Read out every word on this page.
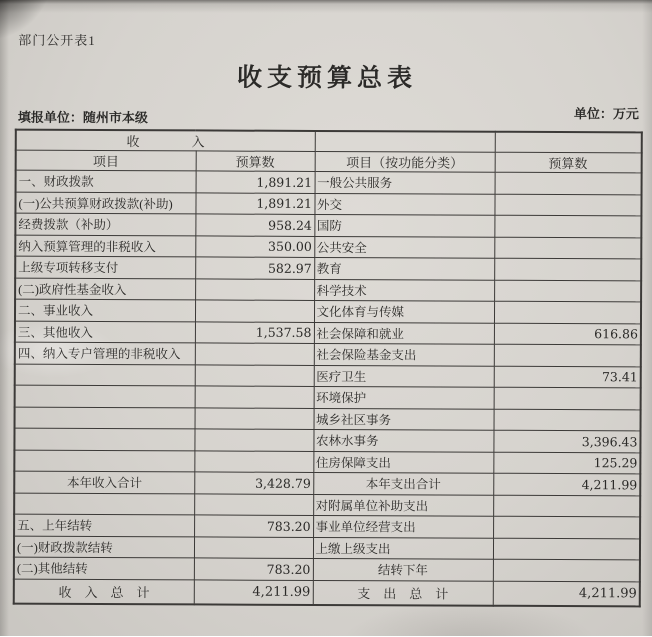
部门公开表1
收支预算总表
填报单位：随州市本级	单位：万元
收　　　　入			
项目	预算数	项目（按功能分类）	预算数
一、财政拨款	1,891.21	一般公共服务	
(一)公共预算财政拨款(补助)	1,891.21	外交	
经费拨款（补助）	958.24	国防	
纳入预算管理的非税收入	350.00	公共安全	
上级专项转移支付	582.97	教育	
(二)政府性基金收入		科学技术	
二、事业收入		文化体育与传媒	
三、其他收入	1,537.58	社会保障和就业	616.86
四、纳入专户管理的非税收入		社会保险基金支出	
		医疗卫生	73.41
		环境保护	
		城乡社区事务	
		农林水事务	3,396.43
		住房保障支出	125.29
本年收入合计	3,428.79	本年支出合计	4,211.99
		对附属单位补助支出	
五、上年结转	783.20	事业单位经营支出	
(一)财政拨款结转		上缴上级支出	
(二)其他结转	783.20	结转下年	
收　入　总　计	4,211.99	支　出　总　计	4,211.99
